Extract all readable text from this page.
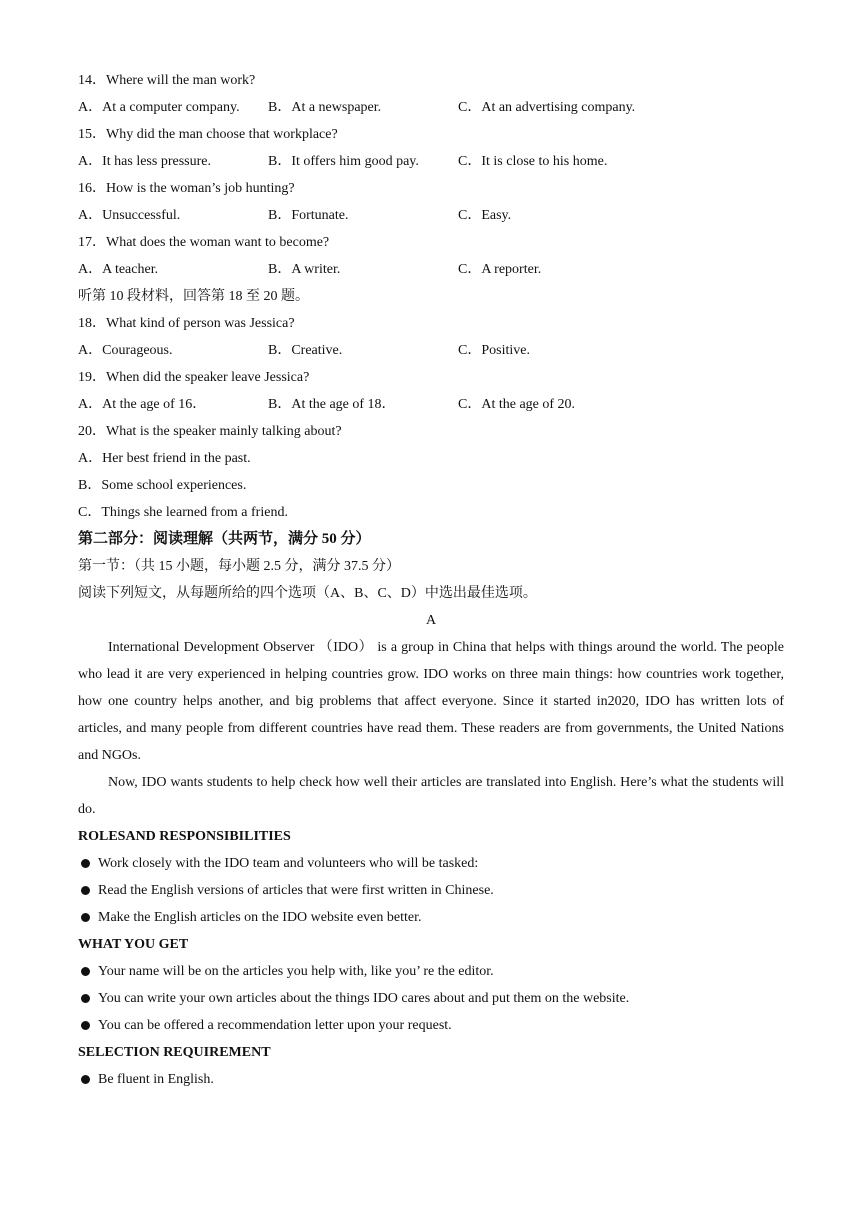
14．Where will the man work?
A．At a computer company. B．At a newspaper.	C．At an advertising company.
15．Why did the man choose that workplace?
A．It has less pressure.	B．It offers him good pay.	C．It is close to his home.
16．How is the woman’s job hunting?
A．Unsuccessful.	B．Fortunate.	C．Easy.
17．What does the woman want to become?
A．A teacher.	B．A writer.	C．A reporter.
听第 10 段材料，回答第 18 至 20 题。
18．What kind of person was Jessica?
A．Courageous.	B．Creative.	C．Positive.
19．When did the speaker leave Jessica?
A．At the age of 16．	B．At the age of 18．	C．At the age of 20.
20．What is the speaker mainly talking about?
A．Her best friend in the past.
B．Some school experiences.
C．Things she learned from a friend.
第二部分：阅读理解（共两节，满分 50 分）
第一节：（共 15 小题，每小题 2.5 分，满分 37.5 分）
阅读下列短文，从每题所给的四个选项（A、B、C、D）中选出最佳选项。
A
International Development Observer （IDO） is a group in China that helps with things around the world. The people who lead it are very experienced in helping countries grow. IDO works on three main things: how countries work together, how one country helps another, and big problems that affect everyone. Since it started in2020, IDO has written lots of articles, and many people from different countries have read them. These readers are from governments, the United Nations and NGOs.
Now, IDO wants students to help check how well their articles are translated into English. Here’s what the students will do.
ROLESAND RESPONSIBILITIES
Work closely with the IDO team and volunteers who will be tasked:
Read the English versions of articles that were first written in Chinese.
Make the English articles on the IDO website even better.
WHAT YOU GET
Your name will be on the articles you help with, like you’ re the editor.
You can write your own articles about the things IDO cares about and put them on the website.
You can be offered a recommendation letter upon your request.
SELECTION REQUIREMENT
Be fluent in English.
